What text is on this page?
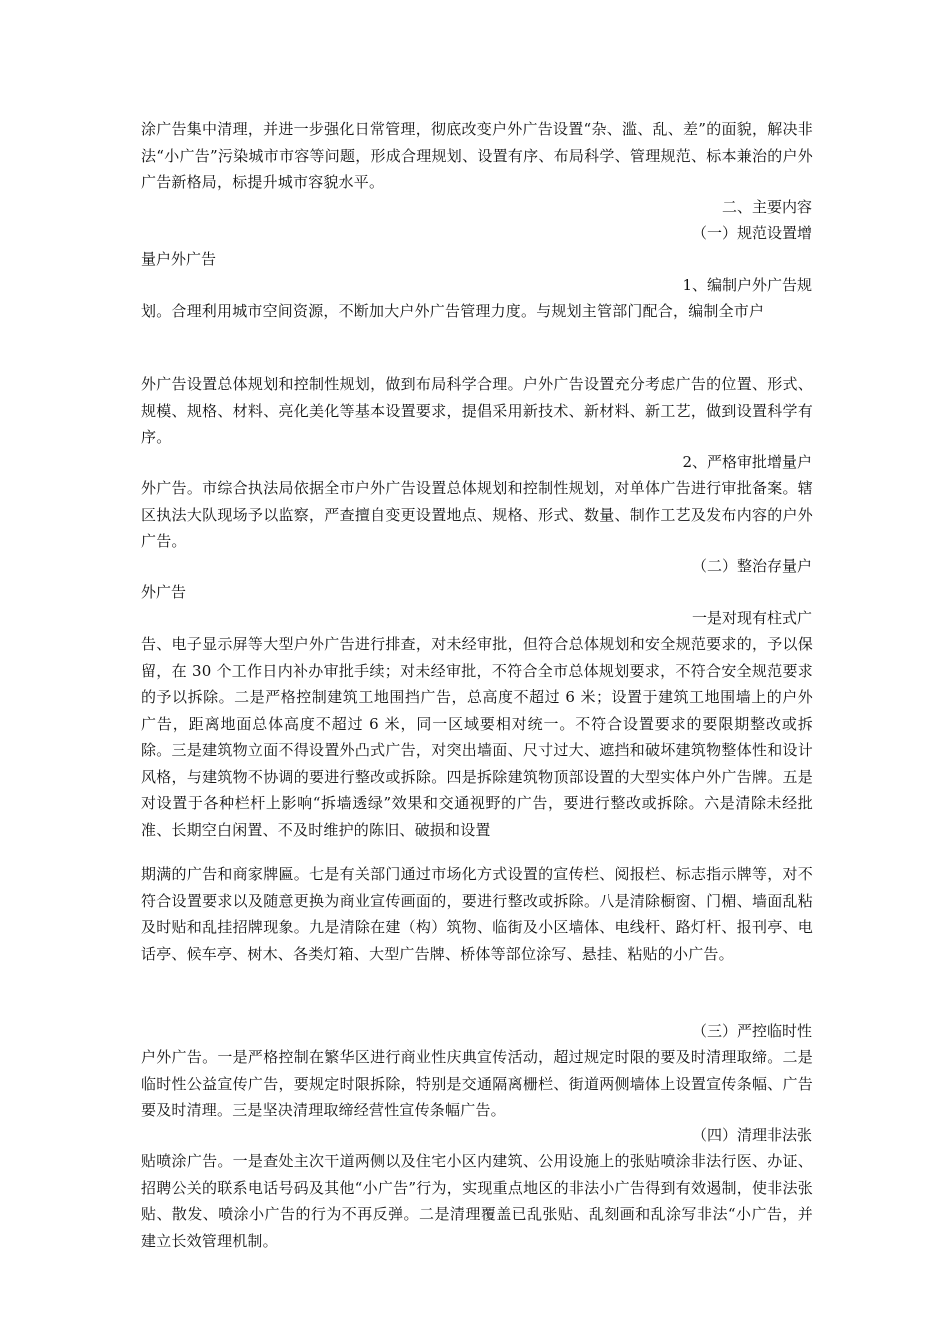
涂广告集中清理，并进一步强化日常管理，彻底改变户外广告设置“杂、滥、乱、差”的面貌，解决非法“小广告”污染城市市容等问题，形成合理规划、设置有序、布局科学、管理规范、标本兼治的户外广告新格局，标提升城市容貌水平。

二、主要内容

（一）规范设置增

量户外广告

1、编制户外广告规

划。合理利用城市空间资源，不断加大户外广告管理力度。与规划主管部门配合，编制全市户

外广告设置总体规划和控制性规划，做到布局科学合理。户外广告设置充分考虑广告的位置、形式、规模、规格、材料、亮化美化等基本设置要求，提倡采用新技术、新材料、新工艺，做到设置科学有序。

2、严格审批增量户

外广告。市综合执法局依据全市户外广告设置总体规划和控制性规划，对单体广告进行审批备案。辖区执法大队现场予以监察，严查擅自变更设置地点、规格、形式、数量、制作工艺及发布内容的户外广告。

（二）整治存量户

外广告

一是对现有柱式广

告、电子显示屏等大型户外广告进行排查，对未经审批，但符合总体规划和安全规范要求的，予以保留，在 30 个工作日内补办审批手续；对未经审批，不符合全市总体规划要求，不符合安全规范要求的予以拆除。二是严格控制建筑工地围挡广告，总高度不超过 6 米；设置于建筑工地围墙上的户外广告，距离地面总体高度不超过 6 米，同一区域要相对统一。不符合设置要求的要限期整改或拆除。三是建筑物立面不得设置外凸式广告，对突出墙面、尺寸过大、遮挡和破坏建筑物整体性和设计风格，与建筑物不协调的要进行整改或拆除。四是拆除建筑物顶部设置的大型实体户外广告牌。五是对设置于各种栏杆上影响“拆墙透绿”效果和交通视野的广告，要进行整改或拆除。六是清除未经批准、长期空白闲置、不及时维护的陈旧、破损和设置

期满的广告和商家牌匾。七是有关部门通过市场化方式设置的宣传栏、阅报栏、标志指示牌等，对不符合设置要求以及随意更换为商业宣传画面的，要进行整改或拆除。八是清除橱窗、门楣、墙面乱粘及时贴和乱挂招牌现象。九是清除在建（构）筑物、临街及小区墙体、电线杆、路灯杆、报刊亭、电话亭、候车亭、树木、各类灯箱、大型广告牌、桥体等部位涂写、悬挂、粘贴的小广告。

（三）严控临时性

户外广告。一是严格控制在繁华区进行商业性庆典宣传活动，超过规定时限的要及时清理取缔。二是临时性公益宣传广告，要规定时限拆除，特别是交通隔离栅栏、街道两侧墙体上设置宣传条幅、广告要及时清理。三是坚决清理取缔经营性宣传条幅广告。

（四）清理非法张

贴喷涂广告。一是查处主次干道两侧以及住宅小区内建筑、公用设施上的张贴喷涂非法行医、办证、招聘公关的联系电话号码及其他“小广告”行为，实现重点地区的非法小广告得到有效遏制，使非法张贴、散发、喷涂小广告的行为不再反弹。二是清理覆盖已乱张贴、乱刻画和乱涂写非法“小广告，并建立长效管理机制。
